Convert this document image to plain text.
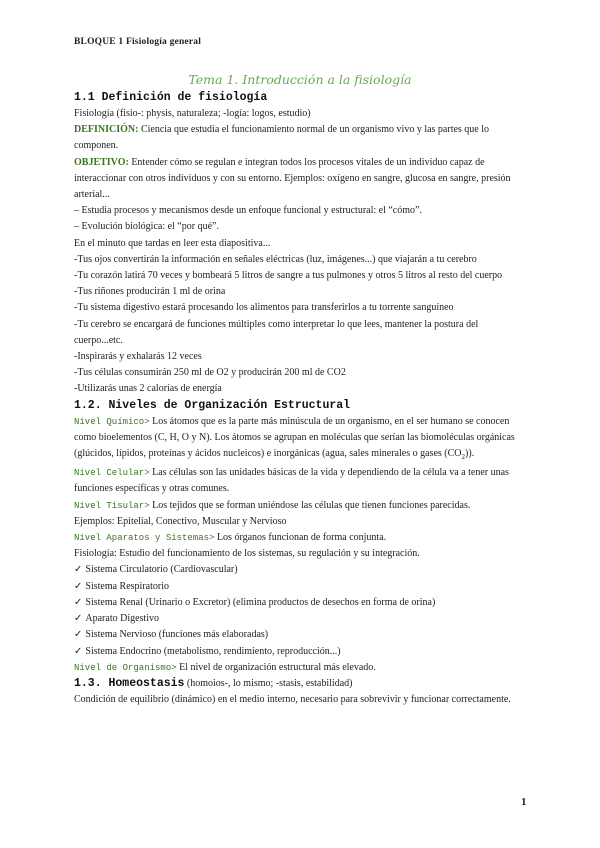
BLOQUE 1 Fisiología general
Tema 1. Introducción a la fisiología
1.1 Definición de fisiología

Fisiología (fisio-: physis, naturaleza; -logía: logos, estudio)

DEFINICIÓN: Ciencia que estudia el funcionamiento normal de un organismo vivo y las partes que lo componen.

OBJETIVO: Entender cómo se regulan e integran todos los procesos vitales de un individuo capaz de interaccionar con otros individuos y con su entorno. Ejemplos: oxígeno en sangre, glucosa en sangre, presión arterial...

– Estudia procesos y mecanismos desde un enfoque funcional y estructural: el “cómo”.

– Evolución biológica: el “por qué”.

En el minuto que tardas en leer esta diapositiva...

-Tus ojos convertirán la información en señales eléctricas (luz, imágenes...) que viajarán a tu cerebro

-Tu corazón latirá 70 veces y bombeará 5 litros de sangre a tus pulmones y otros 5 litros al resto del cuerpo

-Tus riñones producirán 1 ml de orina

-Tu sistema digestivo estará procesando los alimentos para transferirlos a tu torrente sanguíneo

-Tu cerebro se encargará de funciones múltiples como interpretar lo que lees, mantener la postura del cuerpo...etc.

-Inspirarás y exhalarás 12 veces

-Tus células consumirán 250 ml de O2 y producirán 200 ml de CO2

-Utilizarás unas 2 calorías de energía

1.2. Niveles de Organización Estructural

Nivel Químico> Los átomos que es la parte más minúscula de un organismo, en el ser humano se conocen como bioelementos (C, H, O y N). Los átomos se agrupan en moléculas que serían las biomoléculas orgánicas (glúcidos, lípidos, proteínas y ácidos nucleicos) e inorgánicas (agua, sales minerales o gases $(CO_2)$).

Nivel Celular> Las células son las unidades básicas de la vida y dependiendo de la célula va a tener unas funciones específicas y otras comunes.

Nivel Tisular> Los tejidos que se forman uniéndose las células que tienen funciones parecidas.

Ejemplos: Epitelial, Conectivo, Muscular y Nervioso

Nivel Aparatos y Sistemas> Los órganos funcionan de forma conjunta.

Fisiología: Estudio del funcionamiento de los sistemas, su regulación y su integración.

✓ Sistema Circulatorio (Cardiovascular)

✓ Sistema Respiratorio

✓ Sistema Renal (Urinario o Excretor) (elimina productos de desechos en forma de orina)

✓ Aparato Digestivo

✓ Sistema Nervioso (funciones más elaboradas)

✓ Sistema Endocrino (metabolismo, rendimiento, reproducción...)

Nivel de Organismo> El nivel de organización estructural más elevado.

1.3. Homeostasis (homoios-, lo mismo; -stasis, estabilidad)

Condición de equilibrio (dinámico) en el medio interno, necesario para sobrevivir y funcionar correctamente.

1
